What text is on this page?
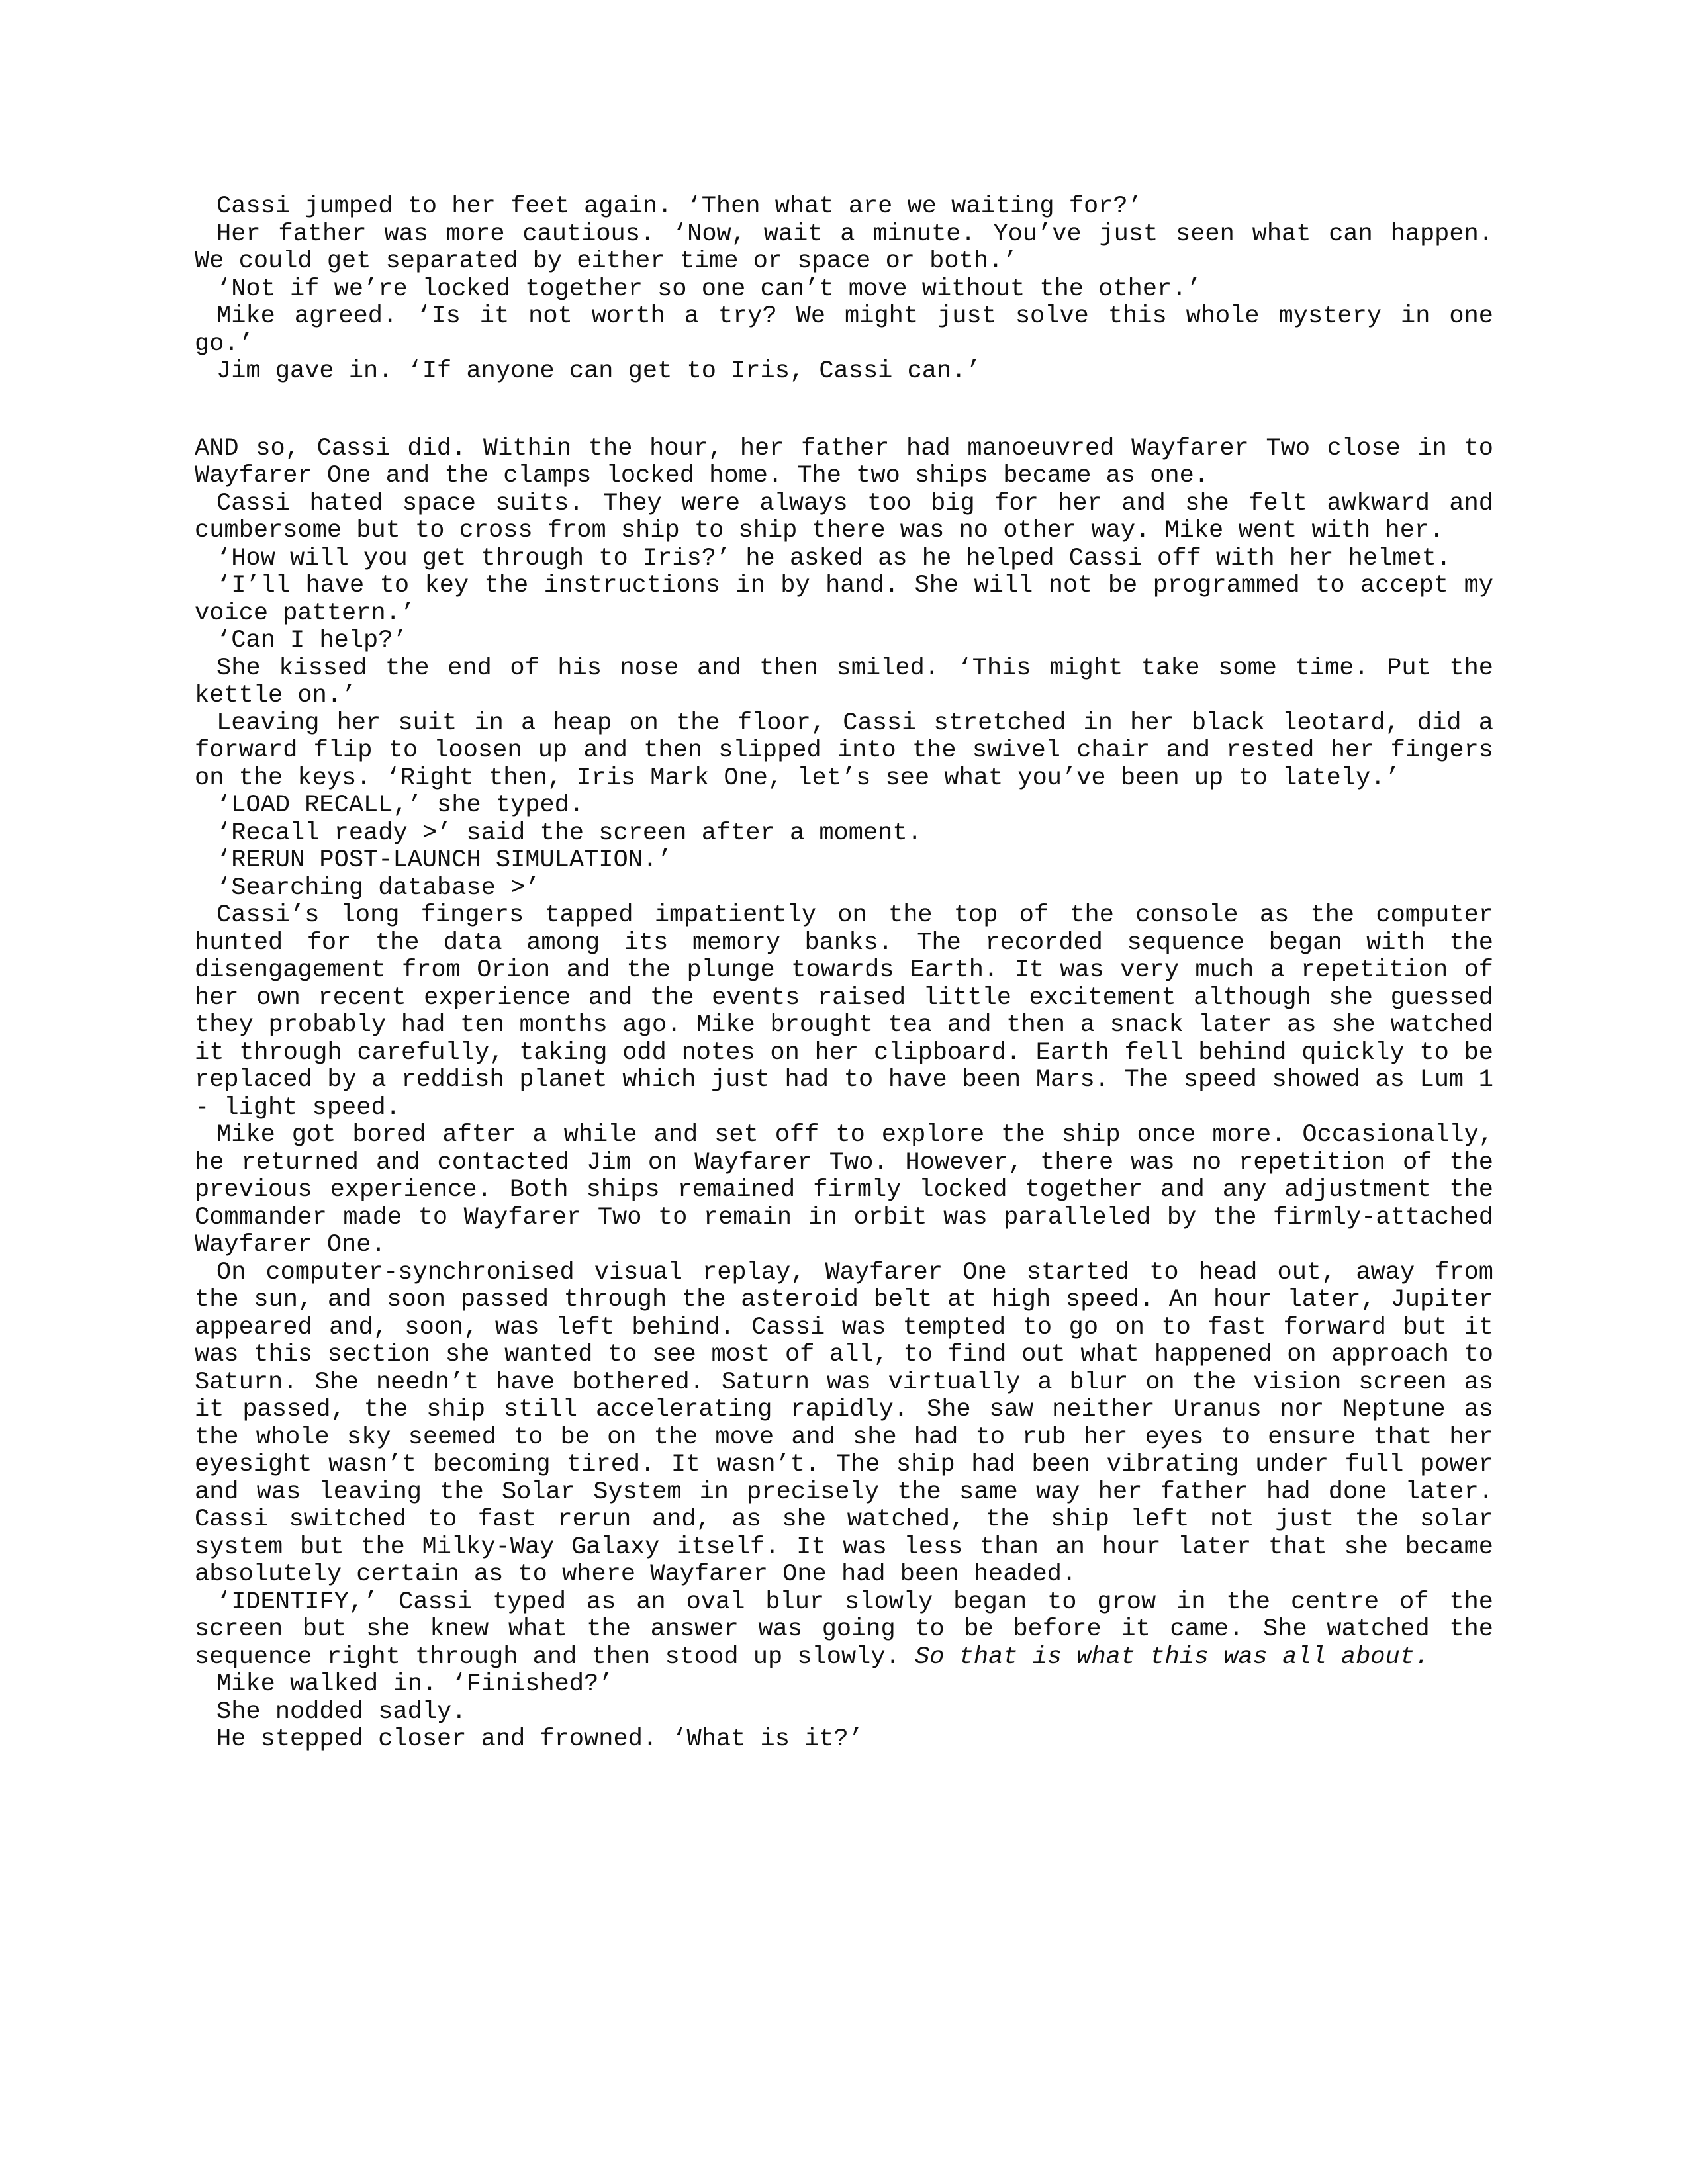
Cassi jumped to her feet again. ‘Then what are we waiting for?’

Her father was more cautious. ‘Now, wait a minute. You’ve just seen what can happen. We could get separated by either time or space or both.’

‘Not if we’re locked together so one can’t move without the other.’

Mike agreed. ‘Is it not worth a try? We might just solve this whole mystery in one go.’

Jim gave in. ‘If anyone can get to Iris, Cassi can.’

AND so, Cassi did. Within the hour, her father had manoeuvred Wayfarer Two close in to Wayfarer One and the clamps locked home. The two ships became as one.

Cassi hated space suits. They were always too big for her and she felt awkward and cumbersome but to cross from ship to ship there was no other way. Mike went with her.

‘How will you get through to Iris?’ he asked as he helped Cassi off with her helmet.

‘I’ll have to key the instructions in by hand. She will not be programmed to accept my voice pattern.’

‘Can I help?’

She kissed the end of his nose and then smiled. ‘This might take some time. Put the kettle on.’

Leaving her suit in a heap on the floor, Cassi stretched in her black leotard, did a forward flip to loosen up and then slipped into the swivel chair and rested her fingers on the keys. ‘Right then, Iris Mark One, let’s see what you’ve been up to lately.’

‘LOAD RECALL,’ she typed.

‘Recall ready >’ said the screen after a moment.

‘RERUN POST-LAUNCH SIMULATION.’

‘Searching database >’

Cassi’s long fingers tapped impatiently on the top of the console as the computer hunted for the data among its memory banks. The recorded sequence began with the disengagement from Orion and the plunge towards Earth. It was very much a repetition of her own recent experience and the events raised little excitement although she guessed they probably had ten months ago. Mike brought tea and then a snack later as she watched it through carefully, taking odd notes on her clipboard. Earth fell behind quickly to be replaced by a reddish planet which just had to have been Mars. The speed showed as Lum 1 - light speed.

Mike got bored after a while and set off to explore the ship once more. Occasionally, he returned and contacted Jim on Wayfarer Two. However, there was no repetition of the previous experience. Both ships remained firmly locked together and any adjustment the Commander made to Wayfarer Two to remain in orbit was paralleled by the firmly-attached Wayfarer One.

On computer-synchronised visual replay, Wayfarer One started to head out, away from the sun, and soon passed through the asteroid belt at high speed. An hour later, Jupiter appeared and, soon, was left behind. Cassi was tempted to go on to fast forward but it was this section she wanted to see most of all, to find out what happened on approach to Saturn. She needn’t have bothered. Saturn was virtually a blur on the vision screen as it passed, the ship still accelerating rapidly. She saw neither Uranus nor Neptune as the whole sky seemed to be on the move and she had to rub her eyes to ensure that her eyesight wasn’t becoming tired. It wasn’t. The ship had been vibrating under full power and was leaving the Solar System in precisely the same way her father had done later. Cassi switched to fast rerun and, as she watched, the ship left not just the solar system but the Milky-Way Galaxy itself. It was less than an hour later that she became absolutely certain as to where Wayfarer One had been headed.

‘IDENTIFY,’ Cassi typed as an oval blur slowly began to grow in the centre of the screen but she knew what the answer was going to be before it came. She watched the sequence right through and then stood up slowly. So that is what this was all about.

Mike walked in. ‘Finished?’

She nodded sadly.

He stepped closer and frowned. ‘What is it?’
